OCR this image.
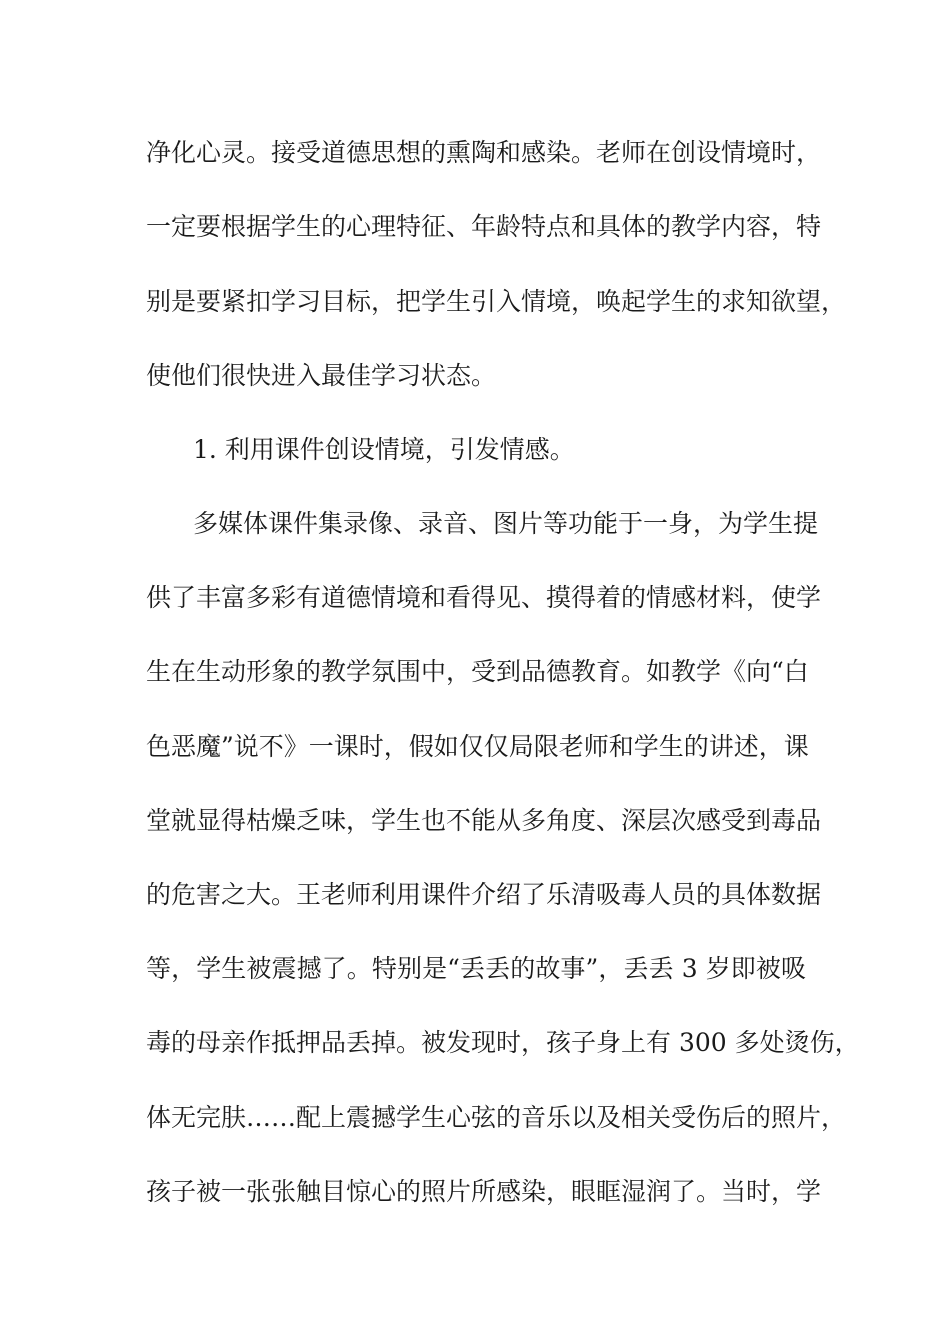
净化心灵。接受道德思想的熏陶和感染。老师在创设情境时，
一定要根据学生的心理特征、年龄特点和具体的教学内容，特
别是要紧扣学习目标，把学生引入情境，唤起学生的求知欲望，
使他们很快进入最佳学习状态。
1. 利用课件创设情境，引发情感。
多媒体课件集录像、录音、图片等功能于一身，为学生提
供了丰富多彩有道德情境和看得见、摸得着的情感材料，使学
生在生动形象的教学氛围中，受到品德教育。如教学《向“白
色恶魔”说不》一课时，假如仅仅局限老师和学生的讲述，课
堂就显得枯燥乏味，学生也不能从多角度、深层次感受到毒品
的危害之大。王老师利用课件介绍了乐清吸毒人员的具体数据
等，学生被震撼了。特别是“丢丢的故事”，丢丢 3 岁即被吸
毒的母亲作抵押品丢掉。被发现时，孩子身上有 300 多处烫伤，
体无完肤……配上震撼学生心弦的音乐以及相关受伤后的照片，
孩子被一张张触目惊心的照片所感染，眼眶湿润了。当时，学
